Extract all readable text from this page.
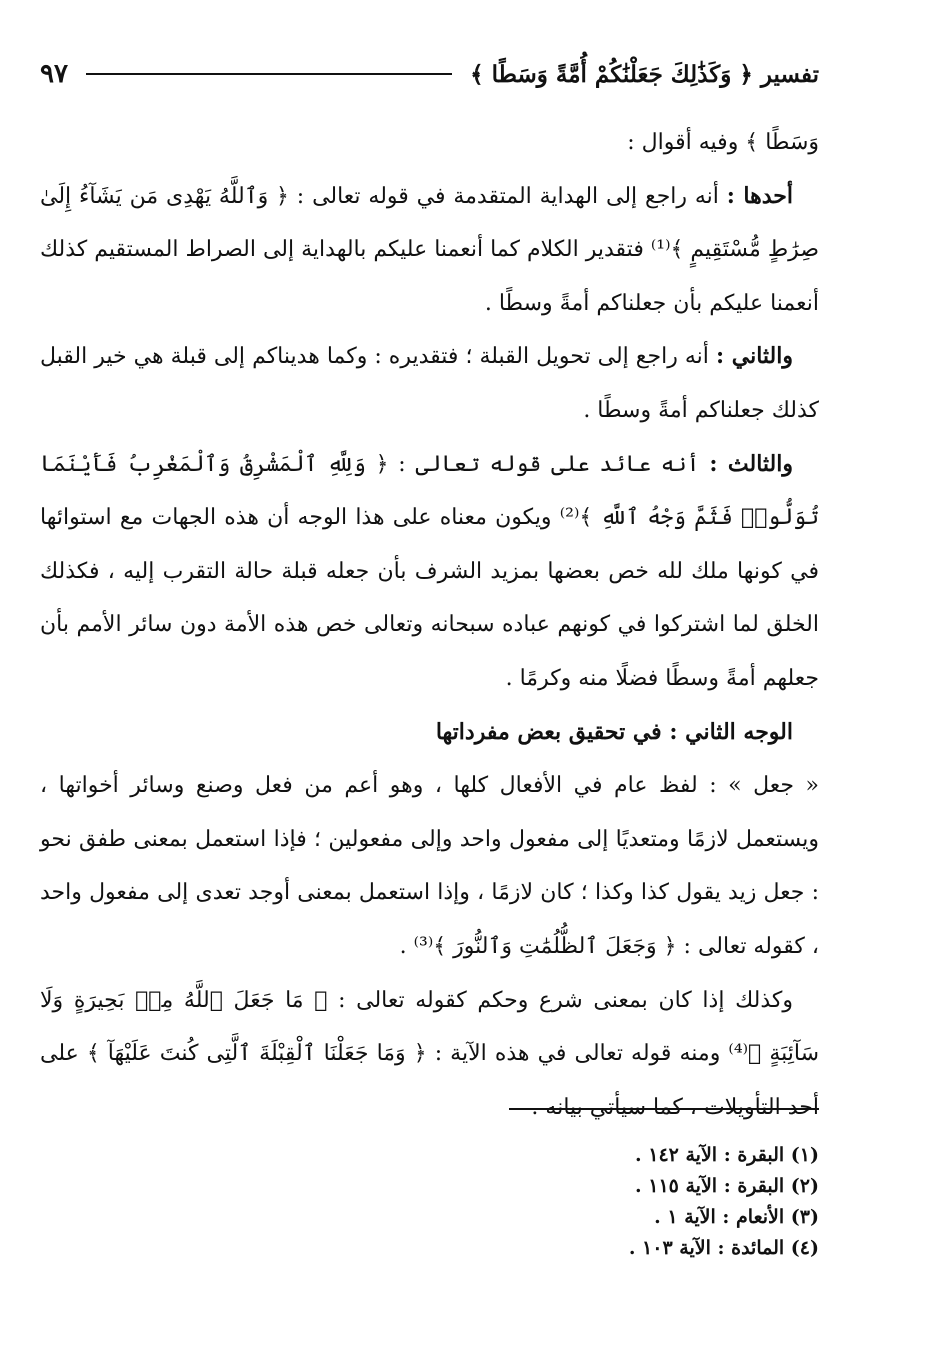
تفسير ﴿ وَكَذَٰلِكَ جَعَلْنَٰكُمْ أُمَّةً وَسَطًا ﴾
٩٧

وَسَطًا ﴾ وفيه أقوال :

أحدها : أنه راجع إلى الهداية المتقدمة في قوله تعالى : ﴿ وَٱللَّهُ يَهْدِى مَن يَشَآءُ إِلَىٰ صِرَٰطٍ مُّسْتَقِيمٍ ﴾⁽¹⁾ فتقدير الكلام كما أنعمنا عليكم بالهداية إلى الصراط المستقيم كذلك أنعمنا عليكم بأن جعلناكم أمةً وسطًا .

والثاني : أنه راجع إلى تحويل القبلة ؛ فتقديره : وكما هديناكم إلى قبلة هي خير القبل كذلك جعلناكم أمةً وسطًا .

والثالث : أنه عائد على قوله تعالى : ﴿ وَلِلَّهِ ٱلْمَشْرِقُ وَٱلْمَغْرِبُ فَأَيْنَمَا تُوَلُّوا۟ فَثَمَّ وَجْهُ ٱللَّهِ ﴾⁽²⁾ ويكون معناه على هذا الوجه أن هذه الجهات مع استوائها في كونها ملك لله خص بعضها بمزيد الشرف بأن جعله قبلة حالة التقرب إليه ، فكذلك الخلق لما اشتركوا في كونهم عباده سبحانه وتعالى خص هذه الأمة دون سائر الأمم بأن جعلهم أمةً وسطًا فضلًا منه وكرمًا .

الوجه الثاني : في تحقيق بعض مفرداتها

« جعل » : لفظ عام في الأفعال كلها ، وهو أعم من فعل وصنع وسائر أخواتها ، ويستعمل لازمًا ومتعديًا إلى مفعول واحد وإلى مفعولين ؛ فإذا استعمل بمعنى طفق نحو : جعل زيد يقول كذا وكذا ؛ كان لازمًا ، وإذا استعمل بمعنى أوجد تعدى إلى مفعول واحد ، كقوله تعالى : ﴿ وَجَعَلَ ٱلظُّلُمَٰتِ وَٱلنُّورَ ﴾⁽³⁾ .

وكذلك إذا كان بمعنى شرع وحكم كقوله تعالى : ﴿ مَا جَعَلَ ٱللَّهُ مِنۢ بَحِيرَةٍ وَلَا سَآئِبَةٍ ﴾⁽⁴⁾ ومنه قوله تعالى في هذه الآية : ﴿ وَمَا جَعَلْنَا ٱلْقِبْلَةَ ٱلَّتِى كُنتَ عَلَيْهَآ ﴾ على أحد التأويلات ، كما سيأتي بيانه .

(١) البقرة : الآية ١٤٢ .
(٢) البقرة : الآية ١١٥ .
(٣) الأنعام : الآية ١ .
(٤) المائدة : الآية ١٠٣ .
